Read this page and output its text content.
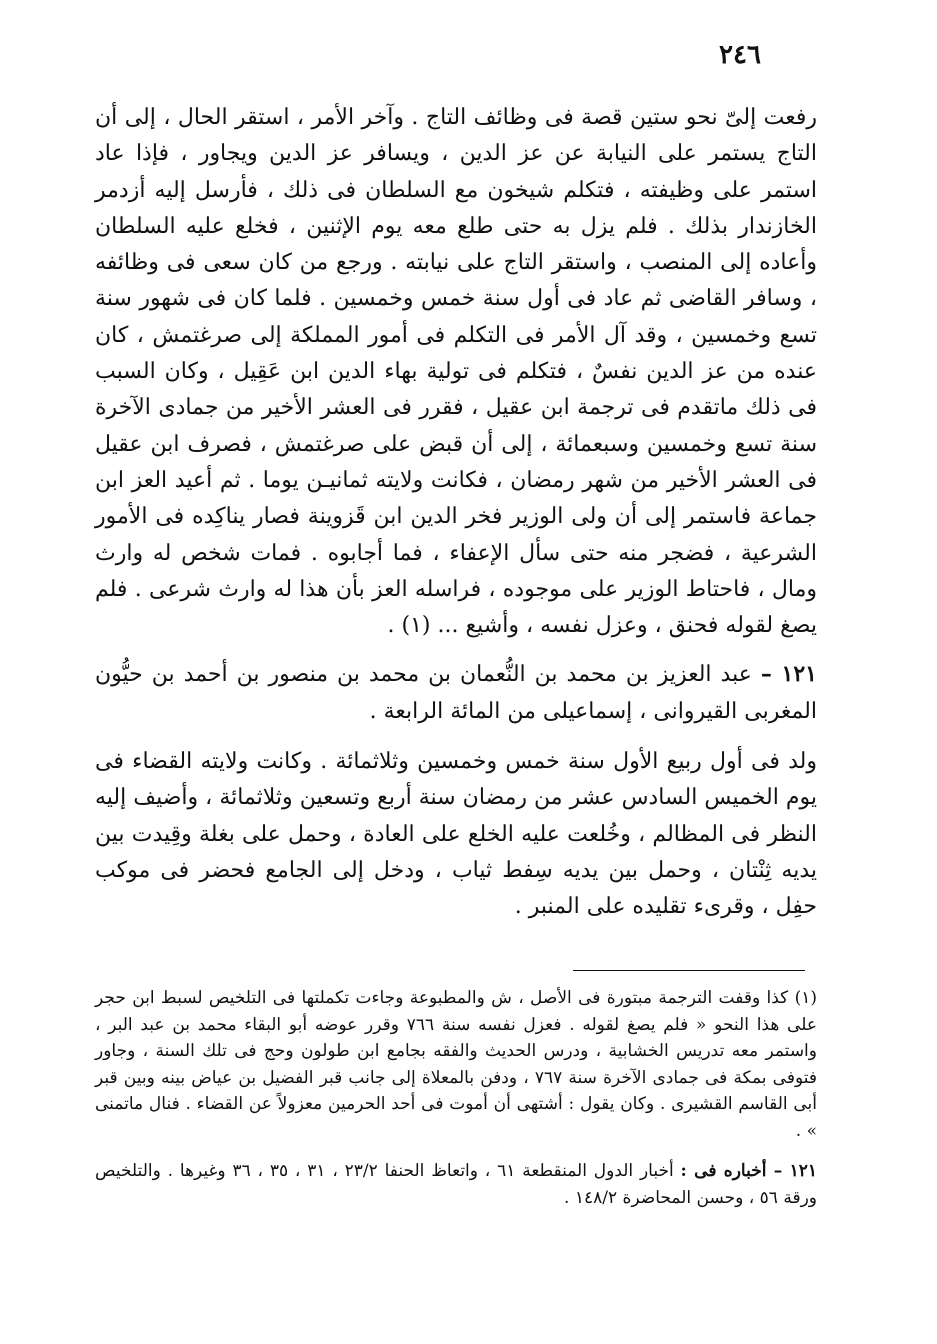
٢٤٦

رفعت إلىّ نحو ستين قصة فى وظائف التاج . وآخر الأمر ، استقر الحال ، إلى أن التاج يستمر على النيابة عن عز الدين ، ويسافر عز الدين ويجاور ، فإذا عاد استمر على وظيفته ، فتكلم شيخون مع السلطان فى ذلك ، فأرسل إليه أزدمر الخازندار بذلك . فلم يزل به حتى طلع معه يوم الإثنين ، فخلع عليه السلطان وأعاده إلى المنصب ، واستقر التاج على نيابته . ورجع من كان سعى فى وظائفه ، وسافر القاضى ثم عاد فى أول سنة خمس وخمسين . فلما كان فى شهور سنة تسع وخمسين ، وقد آل الأمر فى التكلم فى أمور المملكة إلى صرغتمش ، كان عنده من عز الدين نفسٌ ، فتكلم فى تولية بهاء الدين ابن عَقِيل ، وكان السبب فى ذلك ماتقدم فى ترجمة ابن عقيل ، فقرر فى العشر الأخير من جمادى الآخرة سنة تسع وخمسين وسبعمائة ، إلى أن قبض على صرغتمش ، فصرف ابن عقيل فى العشر الأخير من شهر رمضان ، فكانت ولايته ثمانيـن يوما . ثم أعيد العز ابن جماعة فاستمر إلى أن ولى الوزير فخر الدين ابن قَزوينة فصار يناكِده فى الأمور الشرعية ، فضجر منه حتى سأل الإعفاء ، فما أجابوه . فمات شخص له وارث ومال ، فاحتاط الوزير على موجوده ، فراسله العز بأن هذا له وارث شرعى . فلم يصغ لقوله فحنق ، وعزل نفسه ، وأشيع ... (١) .

١٢١ – عبد العزيز بن محمد بن النُّعمان بن محمد بن منصور بن أحمد بن حيُّون المغربى القيروانى ، إسماعيلى من المائة الرابعة .

ولد فى أول ربيع الأول سنة خمس وخمسين وثلاثمائة . وكانت ولايته القضاء فى يوم الخميس السادس عشر من رمضان سنة أربع وتسعين وثلاثمائة ، وأضيف إليه النظر فى المظالم ، وخُلعت عليه الخلع على العادة ، وحمل على بغلة وقِيدت بين يديه ثِنْتان ، وحمل بين يديه سِفط ثياب ، ودخل إلى الجامع فحضر فى موكب حفِل ، وقرىء تقليده على المنبر .

(١) كذا وقفت الترجمة مبتورة فى الأصل ، ش والمطبوعة وجاءت تكملتها فى التلخيص لسبط ابن حجر على هذا النحو « فلم يصغ لقوله . فعزل نفسه سنة ٧٦٦ وقرر عوضه أبو البقاء محمد بن عبد البر ، واستمر معه تدريس الخشابية ، ودرس الحديث والفقه بجامع ابن طولون وحج فى تلك السنة ، وجاور فتوفى بمكة فى جمادى الآخرة سنة ٧٦٧ ، ودفن بالمعلاة إلى جانب قبر الفضيل بن عياض بينه وبين قبر أبى القاسم القشيرى . وكان يقول : أشتهى أن أموت فى أحد الحرمين معزولاً عن القضاء . فنال ماتمنى » .

١٢١ – أخباره فى : أخبار الدول المنقطعة ٦١ ، واتعاظ الحنفا ٢٣/٢ ، ٣١ ، ٣٥ ، ٣٦ وغيرها . والتلخيص ورقة ٥٦ ، وحسن المحاضرة ١٤٨/٢ .
